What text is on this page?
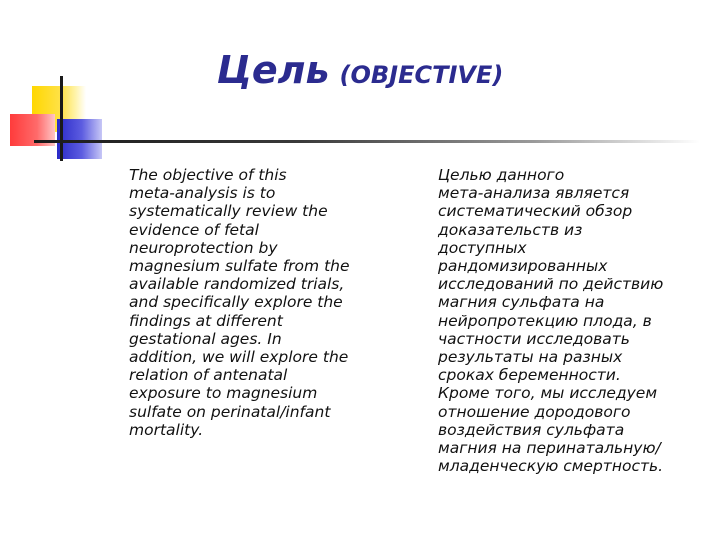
Цель (OBJECTIVE)
The objective of this
meta-analysis is to
systematically review the
evidence of fetal
neuroprotection by
magnesium sulfate from the
available randomized trials,
and specifically explore the
findings at different
gestational ages. In
addition, we will explore the
relation of antenatal
exposure to magnesium
sulfate on perinatal/infant
mortality.
Целью данного
мета-анализа является
систематический обзор
доказательств из
доступных
рандомизированных
исследований по действию
магния сульфата на
нейропротекцию плода, в
частности исследовать
результаты на разных
сроках беременности.
Кроме того, мы исследуем
отношение дородового
воздействия сульфата
магния на перинатальную/
младенческую смертность.
